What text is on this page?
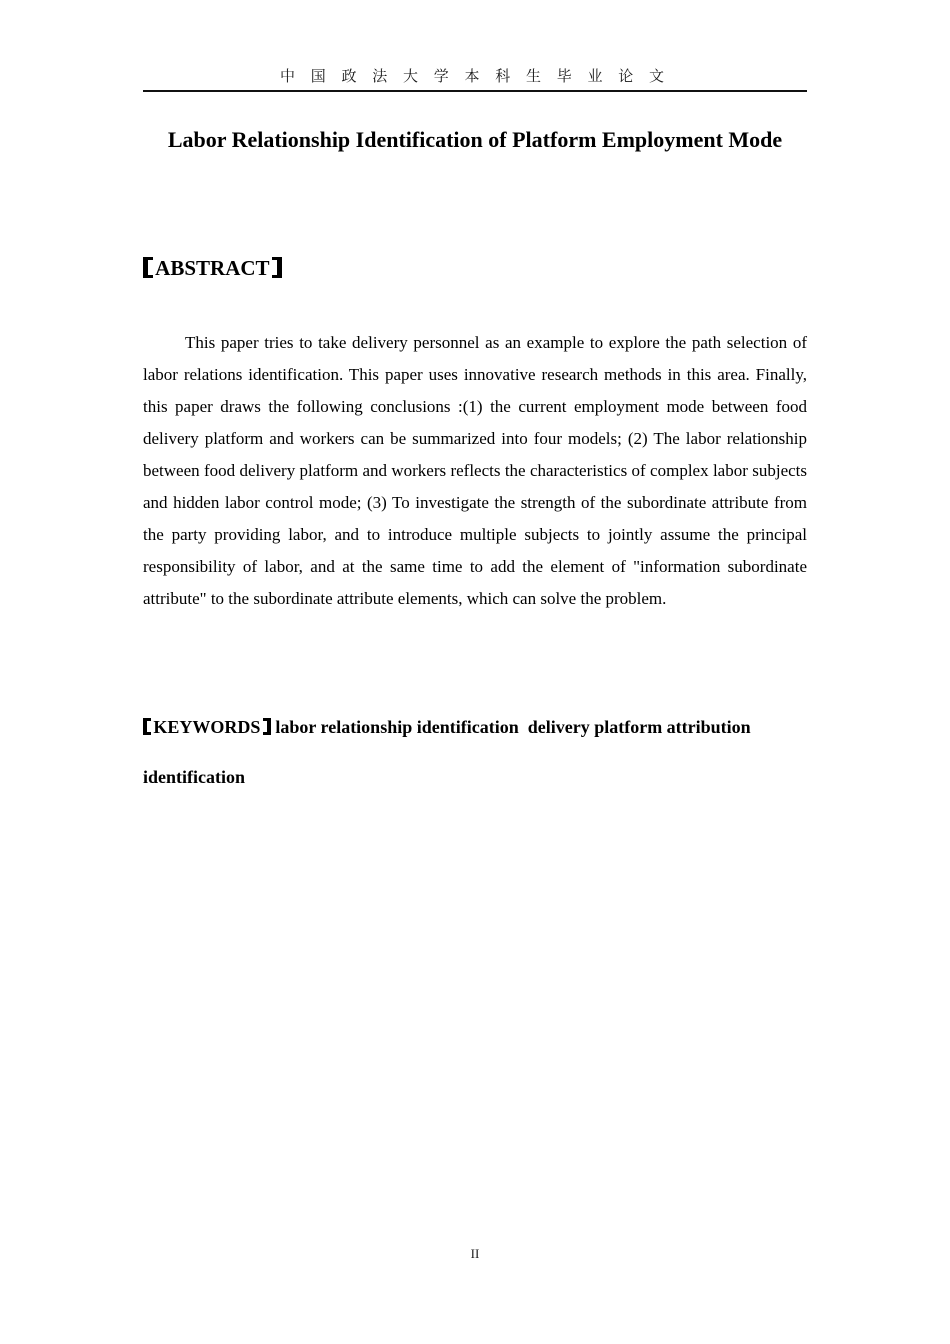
中 国 政 法 大 学 本 科 生 毕 业 论 文
Labor Relationship Identification of Platform Employment Mode
ABSTRACT

This paper tries to take delivery personnel as an example to explore the path selection of labor relations identification. This paper uses innovative research methods in this area. Finally, this paper draws the following conclusions :(1) the current employment mode between food delivery platform and workers can be summarized into four models; (2) The labor relationship between food delivery platform and workers reflects the characteristics of complex labor subjects and hidden labor control mode; (3) To investigate the strength of the subordinate attribute from the party providing labor, and to introduce multiple subjects to jointly assume the principal responsibility of labor, and at the same time to add the element of "information subordinate attribute" to the subordinate attribute elements, which can solve the problem.

KEYWORDS labor relationship identification  delivery platform attribution identification

II
